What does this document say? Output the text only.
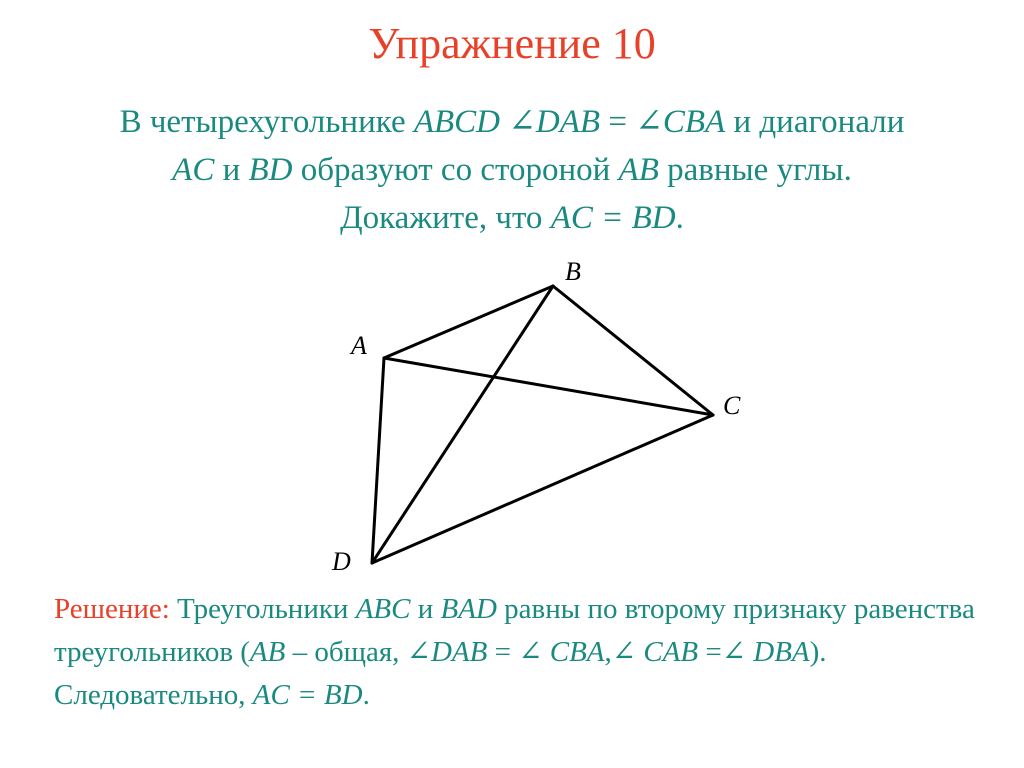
Упражнение 10
В четырехугольнике ABCD ∠DAB = ∠CBA и диагонали AC и BD образуют со стороной AB равные углы. Докажите, что AC = BD.
A
B
C
D
Решение: Треугольники ABC и BAD равны по второму признаку равенства треугольников (AB – общая, ∠DAB = ∠ CBA,∠ CAB =∠ DBA). Следовательно, AC = BD.
